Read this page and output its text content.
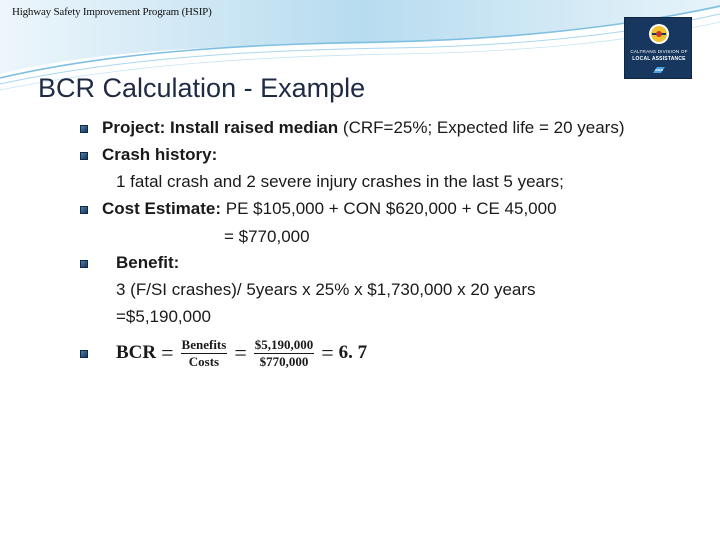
Highway Safety Improvement Program (HSIP)
CALTRANS DIVISION OF
LOCAL ASSISTANCE
BCR Calculation - Example
Project: Install raised median (CRF=25%; Expected life = 20 years)
Crash history:
1 fatal crash and 2 severe injury crashes in the last 5 years;
Cost Estimate: PE $105,000 + CON $620,000 + CE 45,000
= $770,000
Benefit:
3 (F/SI crashes)/ 5years x 25% x $1,730,000 x 20 years
=$5,190,000
BCR = $\frac{\text{Benefits}}{\text{Costs}} = \frac{\$5,190,000}{\$770,000} = 6$. 7
